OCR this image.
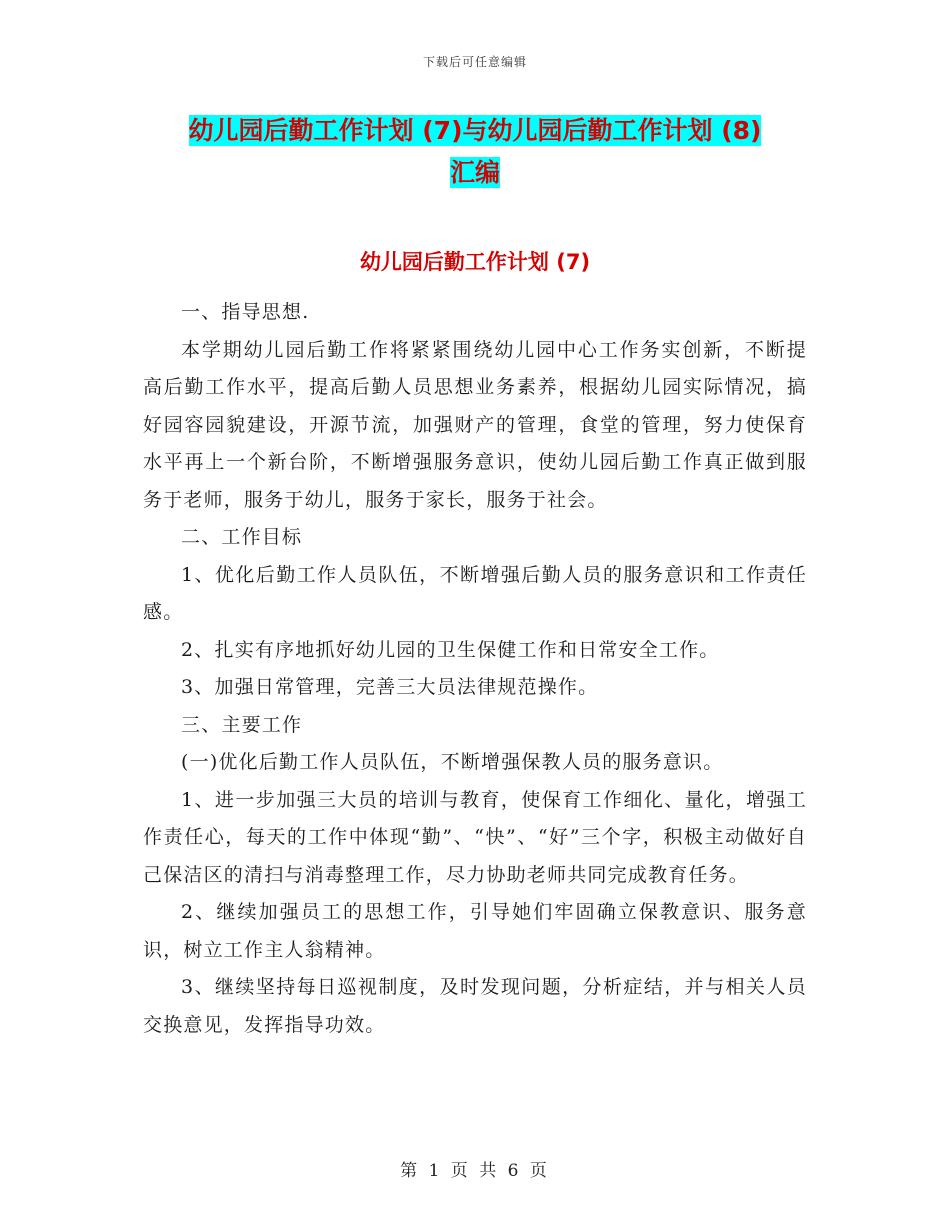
下载后可任意编辑
幼儿园后勤工作计划 (7)与幼儿园后勤工作计划 (8)
汇编
幼儿园后勤工作计划 (7)

一、指导思想.

本学期幼儿园后勤工作将紧紧围绕幼儿园中心工作务实创新，不断提高后勤工作水平，提高后勤人员思想业务素养，根据幼儿园实际情况，搞好园容园貌建设，开源节流，加强财产的管理，食堂的管理，努力使保育水平再上一个新台阶，不断增强服务意识，使幼儿园后勤工作真正做到服务于老师，服务于幼儿，服务于家长，服务于社会。

二、工作目标

1、优化后勤工作人员队伍，不断增强后勤人员的服务意识和工作责任感。

2、扎实有序地抓好幼儿园的卫生保健工作和日常安全工作。

3、加强日常管理，完善三大员法律规范操作。

三、主要工作

(一)优化后勤工作人员队伍，不断增强保教人员的服务意识。

1、进一步加强三大员的培训与教育，使保育工作细化、量化，增强工作责任心，每天的工作中体现“勤”、“快”、“好”三个字，积极主动做好自己保洁区的清扫与消毒整理工作，尽力协助老师共同完成教育任务。

2、继续加强员工的思想工作，引导她们牢固确立保教意识、服务意识，树立工作主人翁精神。

3、继续坚持每日巡视制度，及时发现问题，分析症结，并与相关人员交换意见，发挥指导功效。

第 1 页 共 6 页
